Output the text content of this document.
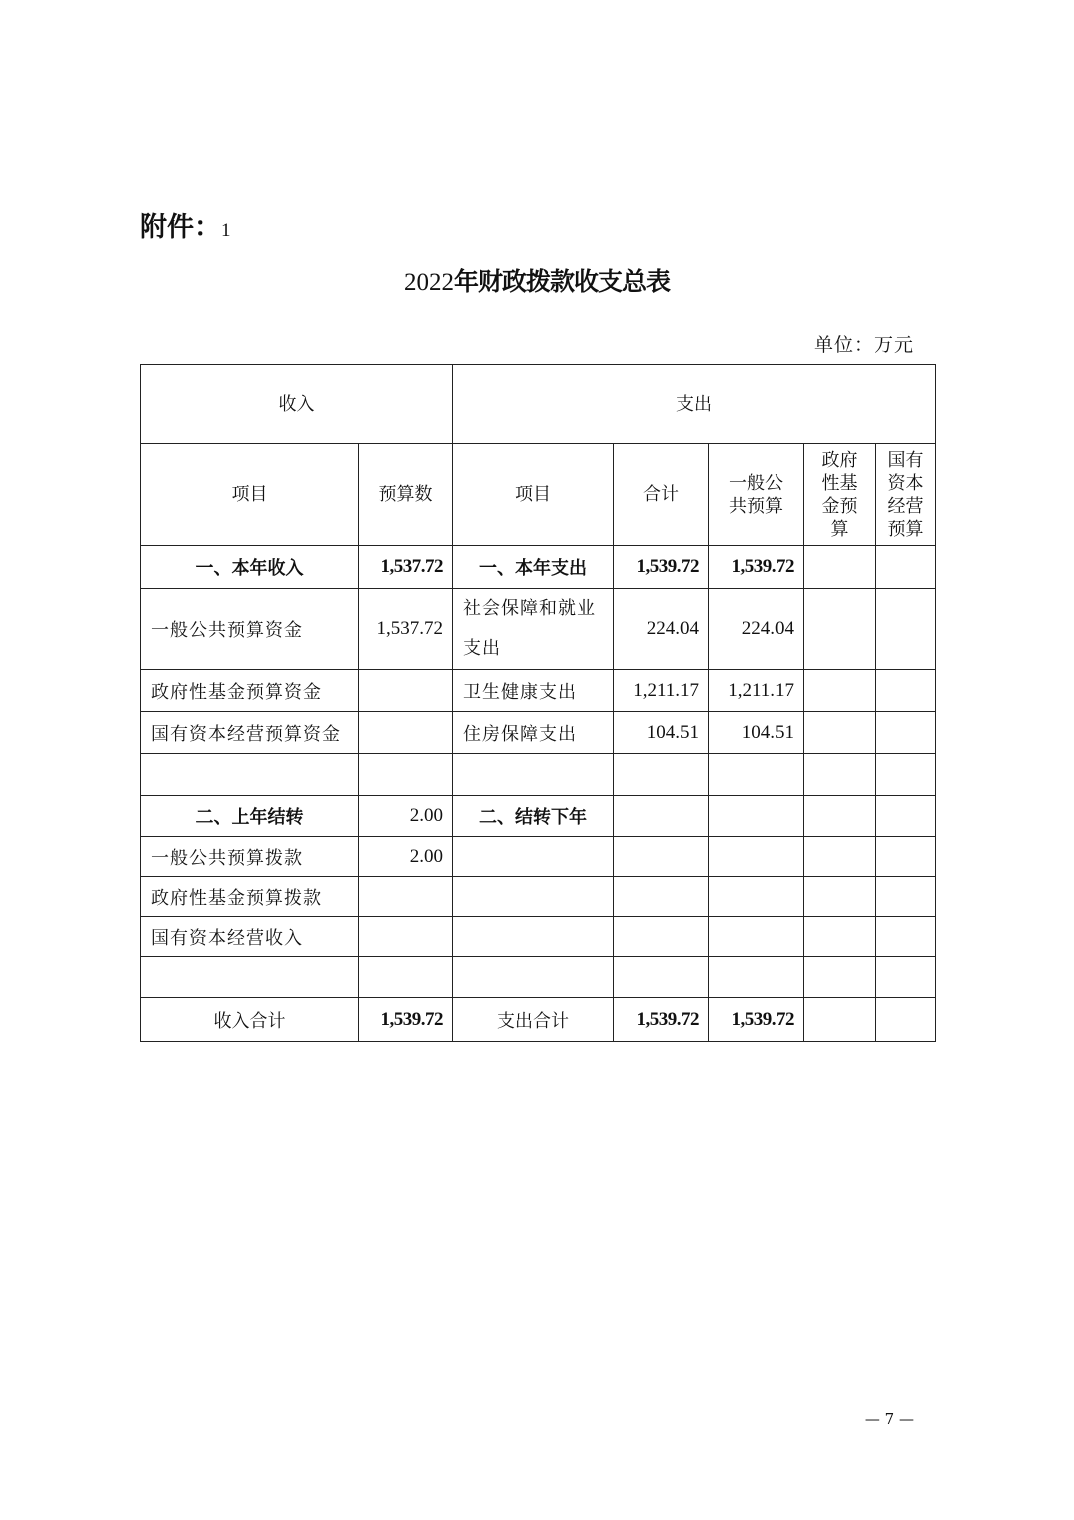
附件：1
2022年财政拨款收支总表
单位：万元
收入		支出				
项目	预算数	项目	合计	一般公共预算	政府性基金预算	国有资本经营预算
一、本年收入	1,537.72	一、本年支出	1,539.72	1,539.72		
一般公共预算资金	1,537.72	社会保障和就业支出	224.04	224.04		
政府性基金预算资金		卫生健康支出	1,211.17	1,211.17		
国有资本经营预算资金		住房保障支出	104.51	104.51		

二、上年结转	2.00	二、结转下年				
一般公共预算拨款	2.00					
政府性基金预算拨款						
国有资本经营收入						

收入合计	1,539.72	支出合计	1,539.72	1,539.72		
— 7 —
